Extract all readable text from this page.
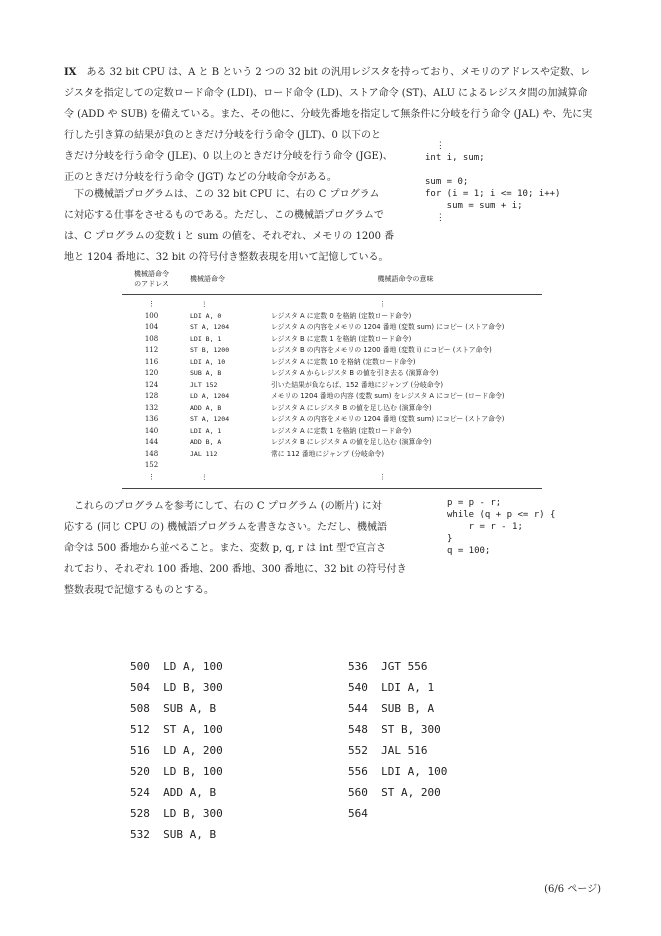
IX ある 32 bit CPU は、A と B という 2 つの 32 bit の汎用レジスタを持っており、メモリのアドレスや定数、レ
ジスタを指定しての定数ロード命令 (LDI)、ロード命令 (LD)、ストア命令 (ST)、ALU によるレジスタ間の加減算命
令 (ADD や SUB) を備えている。また、その他に、分岐先番地を指定して無条件に分岐を行う命令 (JAL) や、先に実
行した引き算の結果が負のときだけ分岐を行う命令 (JLT)、0 以下のと
きだけ分岐を行う命令 (JLE)、0 以上のときだけ分岐を行う命令 (JGE)、
正のときだけ分岐を行う命令 (JGT) などの分岐命令がある。
⋮
int i, sum;

sum = 0;
for (i = 1; i <= 10; i++)
sum = sum + i;
⋮
　下の機械語プログラムは、この 32 bit CPU に、右の C プログラム
に対応する仕事をさせるものである。ただし、この機械語プログラムで
は、C プログラムの変数 i と sum の値を、それぞれ、メモリの 1200 番
地と 1204 番地に、32 bit の符号付き整数表現を用いて記憶している。
機械語命令
のアドレス	機械語命令	機械語命令の意味
⋮	⋮	⋮
100	LDI A, 0	レジスタ A に定数 0 を格納 (定数ロード命令)
104	ST A, 1204	レジスタ A の内容をメモリの 1204 番地 (変数 sum) にコピー (ストア命令)
108	LDI B, 1	レジスタ B に定数 1 を格納 (定数ロード命令)
112	ST B, 1200	レジスタ B の内容をメモリの 1200 番地 (変数 i) にコピー (ストア命令)
116	LDI A, 10	レジスタ A に定数 10 を格納 (定数ロード命令)
120	SUB A, B	レジスタ A からレジスタ B の値を引き去る (演算命令)
124	JLT 152	引いた結果が負ならば、152 番地にジャンプ (分岐命令)
128	LD A, 1204	メモリの 1204 番地の内容 (変数 sum) をレジスタ A にコピー (ロード命令)
132	ADD A, B	レジスタ A にレジスタ B の値を足し込む (演算命令)
136	ST A, 1204	レジスタ A の内容をメモリの 1204 番地 (変数 sum) にコピー (ストア命令)
140	LDI A, 1	レジスタ A に定数 1 を格納 (定数ロード命令)
144	ADD B, A	レジスタ B にレジスタ A の値を足し込む (演算命令)
148	JAL 112	常に 112 番地にジャンプ (分岐命令)
152		
⋮	⋮	⋮
　これらのプログラムを参考にして、右の C プログラム (の断片) に対
応する (同じ CPU の) 機械語プログラムを書きなさい。ただし、機械語
命令は 500 番地から並べること。また、変数 p, q, r は int 型で宣言さ
れており、それぞれ 100 番地、200 番地、300 番地に、32 bit の符号付き
整数表現で記憶するものとする。
p = p - r;
while (q + p <= r) {
r = r - 1;
}
q = 100;
500 LD A, 100
504 LD B, 300
508 SUB A, B
512 ST A, 100
516 LD A, 200
520 LD B, 100
524 ADD A, B
528 LD B, 300
532 SUB A, B
536 JGT 556
540 LDI A, 1
544 SUB B, A
548 ST B, 300
552 JAL 516
556 LDI A, 100
560 ST A, 200
564
(6/6 ページ)
